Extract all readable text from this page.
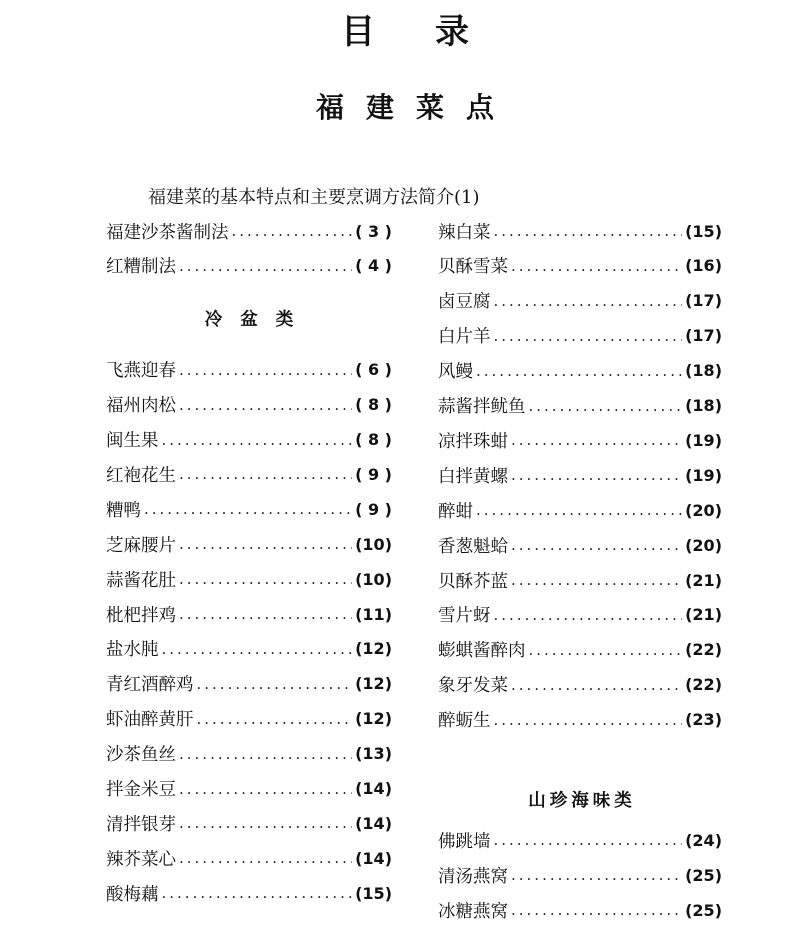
目录
福建菜点
福建菜的基本特点和主要烹调方法简介(1)
福建沙茶酱制法 .....	( 3 )
红糟制法 .....	( 4 )
冷盆类
飞燕迎春 .....	( 6 )
福州肉松 .....	( 8 )
闽生果 .....	( 8 )
红袍花生 .....	( 9 )
糟鸭 .....	( 9 )
芝麻腰片 .....	(10)
蒜酱花肚 .....	(10)
枇杷拌鸡 .....	(11)
盐水肫 .....	(12)
青红酒醉鸡 .....	(12)
虾油醉黄肝 .....	(12)
沙茶鱼丝 .....	(13)
拌金米豆 .....	(14)
清拌银芽 .....	(14)
辣芥菜心 .....	(14)
酸梅藕 .....	(15)
辣白菜 .....	(15)
贝酥雪菜 .....	(16)
卤豆腐 .....	(17)
白片羊 .....	(17)
风鳗 .....	(18)
蒜酱拌鱿鱼 .....	(18)
凉拌珠蚶 .....	(19)
白拌黄螺 .....	(19)
醉蚶 .....	(20)
香葱魁蛤 .....	(20)
贝酥芥蓝 .....	(21)
雪片蚜 .....	(21)
蟛蜞酱醉肉 .....	(22)
象牙发菜 .....	(22)
醉蛎生 .....	(23)
山珍海味类
佛跳墙 .....	(24)
清汤燕窝 .....	(25)
冰糖燕窝 .....	(25)
